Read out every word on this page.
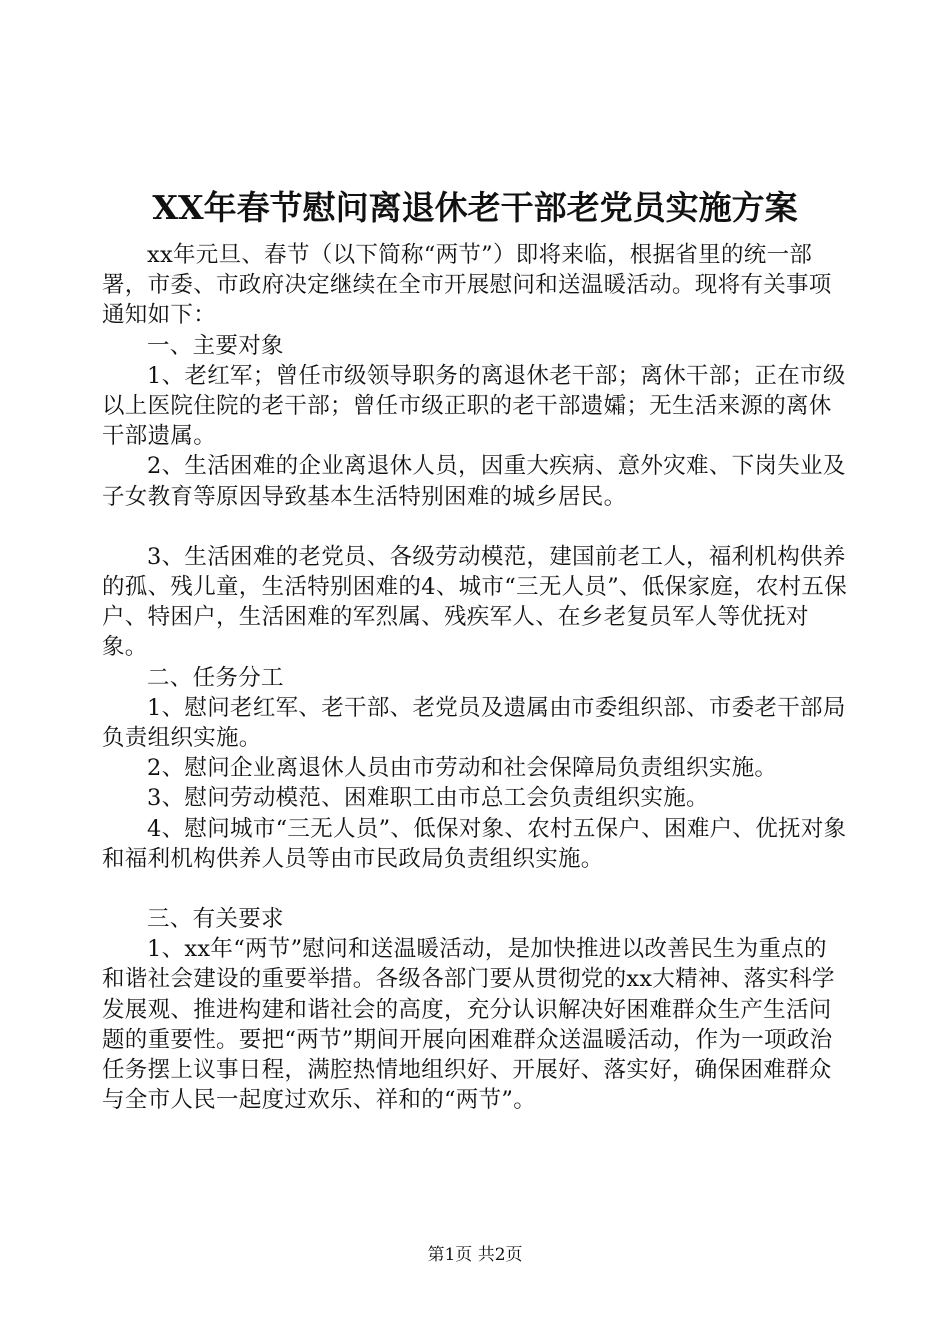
XX年春节慰问离退休老干部老党员实施方案

xx年元旦、春节（以下简称“两节”）即将来临，根据省里的统一部署，市委、市政府决定继续在全市开展慰问和送温暖活动。现将有关事项通知如下：

一、主要对象

1、老红军；曾任市级领导职务的离退休老干部；离休干部；正在市级以上医院住院的老干部；曾任市级正职的老干部遗孀；无生活来源的离休干部遗属。

2、生活困难的企业离退休人员，因重大疾病、意外灾难、下岗失业及子女教育等原因导致基本生活特别困难的城乡居民。

3、生活困难的老党员、各级劳动模范，建国前老工人，福利机构供养的孤、残儿童，生活特别困难的4、城市“三无人员”、低保家庭，农村五保户、特困户，生活困难的军烈属、残疾军人、在乡老复员军人等优抚对象。

二、任务分工

1、慰问老红军、老干部、老党员及遗属由市委组织部、市委老干部局负责组织实施。

2、慰问企业离退休人员由市劳动和社会保障局负责组织实施。

3、慰问劳动模范、困难职工由市总工会负责组织实施。

4、慰问城市“三无人员”、低保对象、农村五保户、困难户、优抚对象和福利机构供养人员等由市民政局负责组织实施。

三、有关要求

1、xx年“两节”慰问和送温暖活动，是加快推进以改善民生为重点的和谐社会建设的重要举措。各级各部门要从贯彻党的xx大精神、落实科学发展观、推进构建和谐社会的高度，充分认识解决好困难群众生产生活问题的重要性。要把“两节”期间开展向困难群众送温暖活动，作为一项政治任务摆上议事日程，满腔热情地组织好、开展好、落实好，确保困难群众与全市人民一起度过欢乐、祥和的“两节”。

第1页 共2页
